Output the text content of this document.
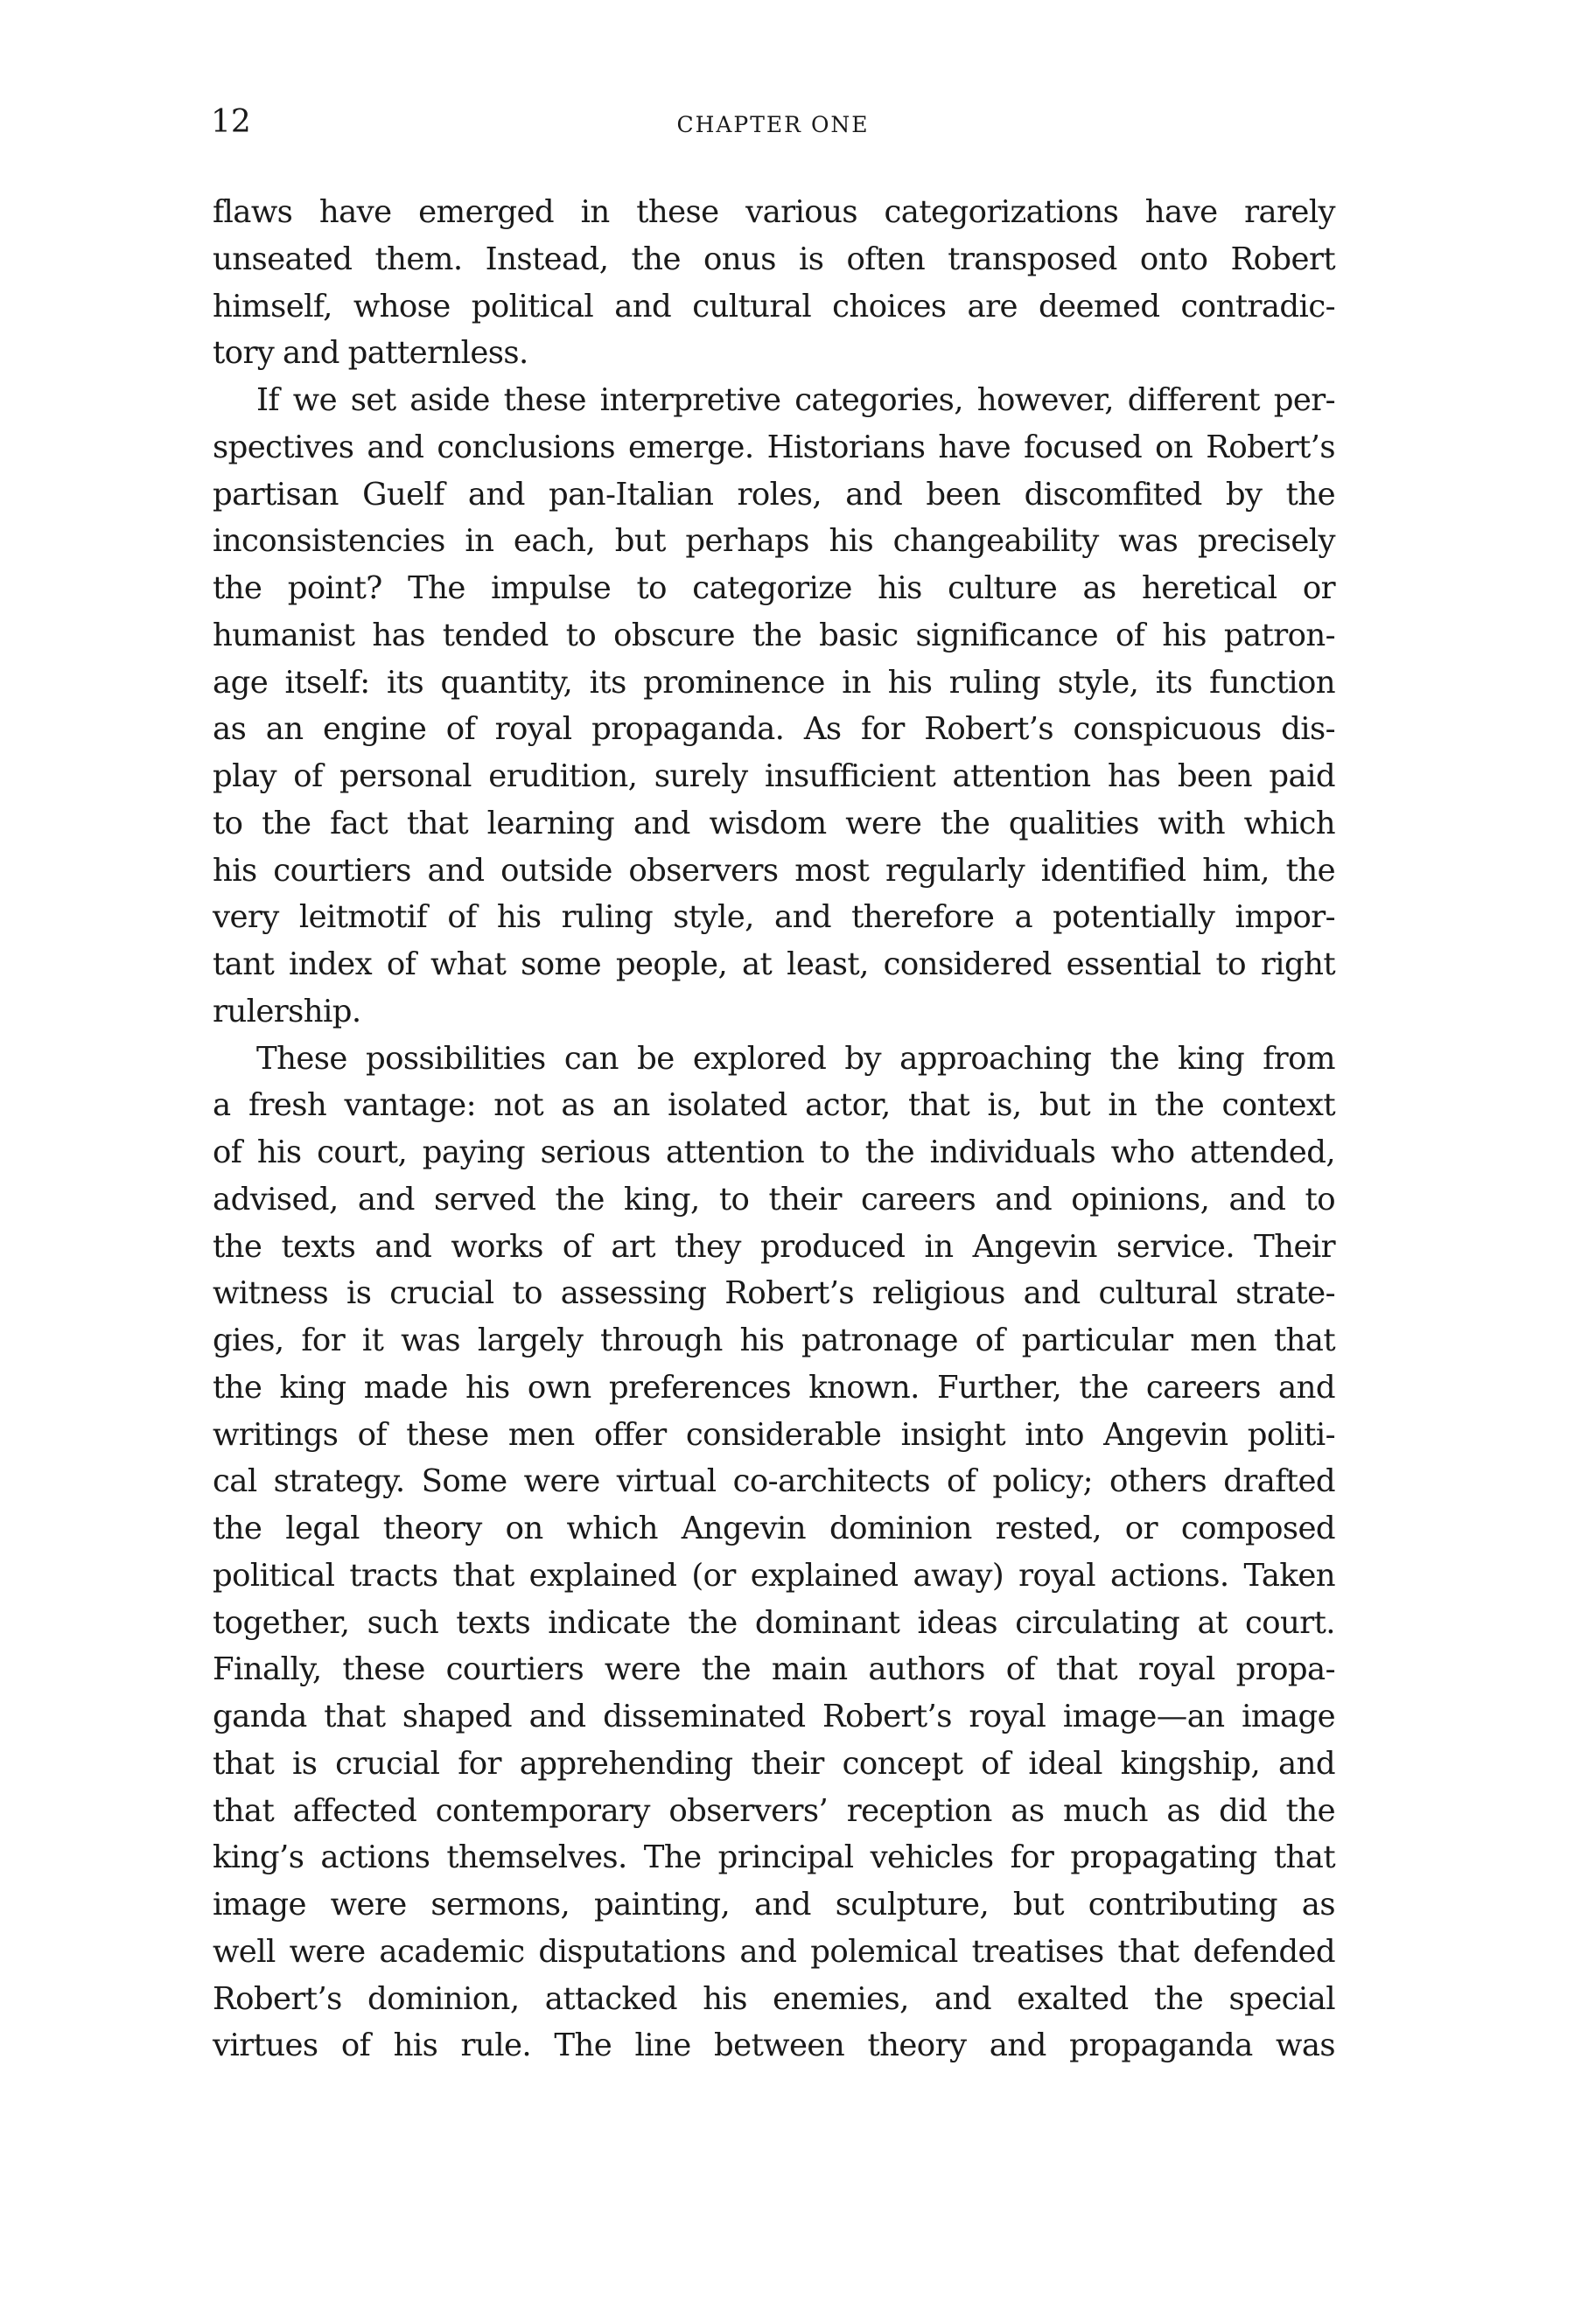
12	CHAPTER ONE
flaws have emerged in these various categorizations have rarely
unseated them. Instead, the onus is often transposed onto Robert
himself, whose political and cultural choices are deemed contradic-
tory and patternless.
If we set aside these interpretive categories, however, different per-
spectives and conclusions emerge. Historians have focused on Robert’s
partisan Guelf and pan-Italian roles, and been discomfited by the
inconsistencies in each, but perhaps his changeability was precisely
the point? The impulse to categorize his culture as heretical or
humanist has tended to obscure the basic significance of his patron-
age itself: its quantity, its prominence in his ruling style, its function
as an engine of royal propaganda. As for Robert’s conspicuous dis-
play of personal erudition, surely insufficient attention has been paid
to the fact that learning and wisdom were the qualities with which
his courtiers and outside observers most regularly identified him, the
very leitmotif of his ruling style, and therefore a potentially impor-
tant index of what some people, at least, considered essential to right
rulership.
These possibilities can be explored by approaching the king from
a fresh vantage: not as an isolated actor, that is, but in the context
of his court, paying serious attention to the individuals who attended,
advised, and served the king, to their careers and opinions, and to
the texts and works of art they produced in Angevin service. Their
witness is crucial to assessing Robert’s religious and cultural strate-
gies, for it was largely through his patronage of particular men that
the king made his own preferences known. Further, the careers and
writings of these men offer considerable insight into Angevin politi-
cal strategy. Some were virtual co-architects of policy; others drafted
the legal theory on which Angevin dominion rested, or composed
political tracts that explained (or explained away) royal actions. Taken
together, such texts indicate the dominant ideas circulating at court.
Finally, these courtiers were the main authors of that royal propa-
ganda that shaped and disseminated Robert’s royal image—an image
that is crucial for apprehending their concept of ideal kingship, and
that affected contemporary observers’ reception as much as did the
king’s actions themselves. The principal vehicles for propagating that
image were sermons, painting, and sculpture, but contributing as
well were academic disputations and polemical treatises that defended
Robert’s dominion, attacked his enemies, and exalted the special
virtues of his rule. The line between theory and propaganda was
